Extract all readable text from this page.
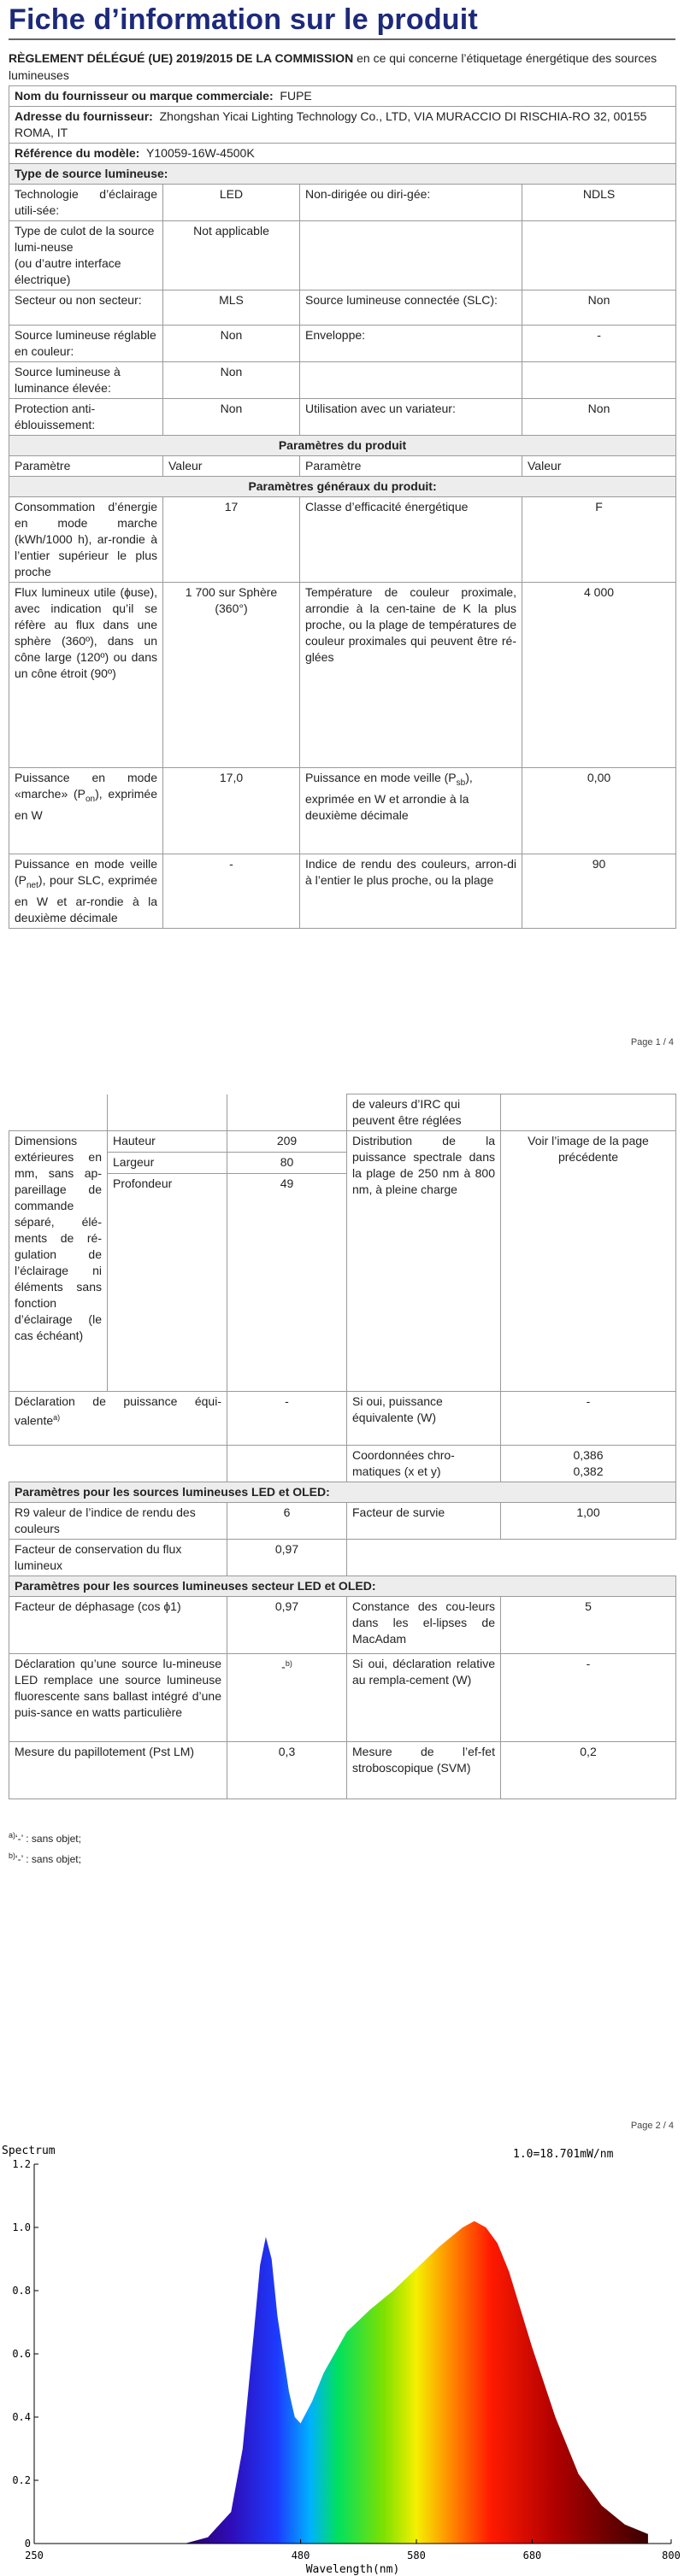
Fiche d’information sur le produit
RÈGLEMENT DÉLÉGUÉ (UE) 2019/2015 DE LA COMMISSION en ce qui concerne l’étiquetage énergétique des sources lumineuses
Nom du fournisseur ou marque commerciale: FUPE			
Adresse du fournisseur: Zhongshan Yicai Lighting Technology Co., LTD, VIA MURACCIO DI RISCHIA-RO 32, 00155 ROMA, IT			
Référence du modèle: Y10059-16W-4500K			
Type de source lumineuse:			
Technologie d’éclairage utili-sée:	LED	Non-dirigée ou diri-gée:	NDLS
Type de culot de la source lumi-neuse
(ou d’autre interface électrique)	Not applicable		
Secteur ou non secteur:	MLS	Source lumineuse connectée (SLC):	Non
Source lumineuse réglable en couleur:	Non	Enveloppe:	-
Source lumineuse à luminance élevée:	Non		
Protection anti-éblouissement:	Non	Utilisation avec un variateur:	Non
Paramètres du produit			
Paramètre	Valeur	Paramètre	Valeur
Paramètres généraux du produit:			
Consommation d’énergie en mode marche (kWh/1000 h), ar-rondie à l’entier supérieur le plus proche	17	Classe d’efficacité énergétique	F
Flux lumineux utile (ɸuse), avec indication qu’il se réfère au flux dans une sphère (360º), dans un cône large (120º) ou dans un cône étroit (90º)	1 700 sur Sphère (360°)	Température de couleur proximale, arrondie à la cen-taine de K la plus proche, ou la plage de températures de couleur proximales qui peuvent être ré-glées	4 000
Puissance en mode «marche» $(P_{on})$, exprimée en W	17,0	Puissance en mode veille $(P_{sb})$, exprimée en W et arrondie à la deuxième décimale	0,00
Puissance en mode veille $(P_{net})$, pour SLC, exprimée en W et ar-rondie à la deuxième décimale	-	Indice de rendu des couleurs, arron-di à l’entier le plus proche, ou la plage	90
Page 1 / 4
			de valeurs d’IRC qui peuvent être réglées	
Dimensions extérieures en mm, sans ap-pareillage de commande séparé, élé-ments de ré-gulation de l’éclairage ni éléments sans fonction d’éclairage (le cas échéant)	Hauteur	209	Distribution de la puissance spectrale dans la plage de 250 nm à 800 nm, à pleine charge	Voir l’image de la page précédente
	Largeur	80		
	Profondeur	49		
Déclaration de puissance équi-valente$^{a)}$		-	Si oui, puissance équivalente (W)	-
			Coordonnées chro-matiques (x et y)	0,386
0,382
Paramètres pour les sources lumineuses LED et OLED:				
R9 valeur de l’indice de rendu des couleurs		6	Facteur de survie	1,00
Facteur de conservation du flux lumineux		0,97		
Paramètres pour les sources lumineuses secteur LED et OLED:				
Facteur de déphasage (cos ϕ1)		0,97	Constance des cou-leurs dans les el-lipses de MacAdam	5
Déclaration qu’une source lu-mineuse LED remplace une source lumineuse fluorescente sans ballast intégré d’une puis-sance en watts particulière		-$^{b)}$	Si oui, déclaration relative au rempla-cement (W)	-
Mesure du papillotement (Pst LM)		0,3	Mesure de l’ef-fet stroboscopique (SVM)	0,2
$^{a)}$‘-’ : sans objet;
$^{b)}$‘-’ : sans objet;
Page 2 / 4
0
0.2
0.4
0.6
0.8
1.0
1.2
250	480	580	680	800
Spectrum	1.0=18.701mW/nm
Wavelength(nm)
